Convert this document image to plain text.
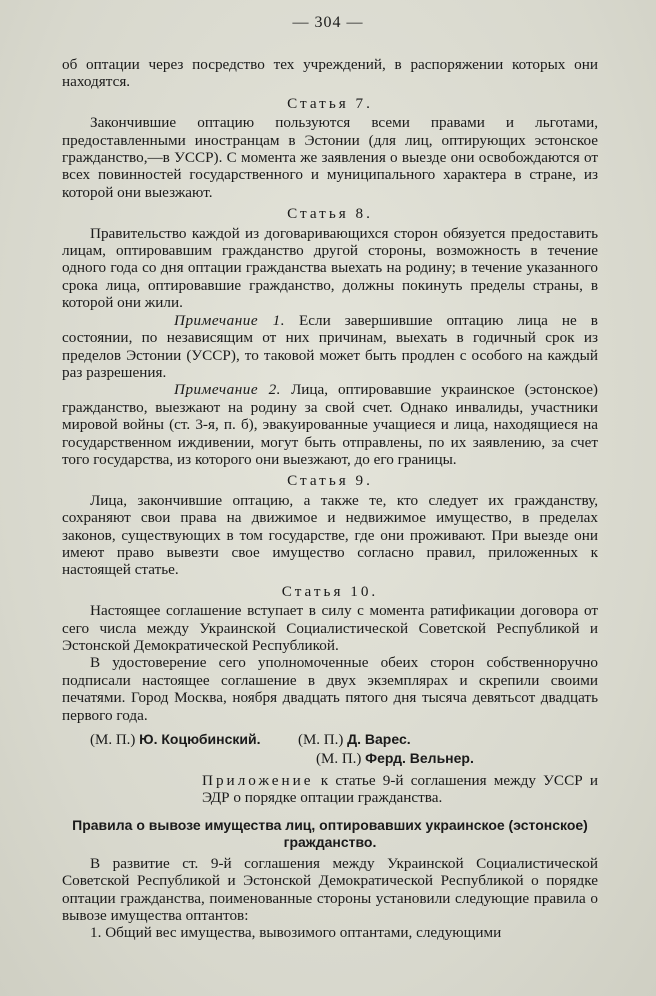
— 304 —

об оптации через посредство тех учреждений, в распоряжении которых они находятся.

Статья 7.

Закончившие оптацию пользуются всеми правами и льготами, предоставленными иностранцам в Эстонии (для лиц, оптирующих эстонское гражданство,—в УССР). С момента же заявления о выезде они освобождаются от всех повинностей государственного и муниципального характера в стране, из которой они выезжают.

Статья 8.

Правительство каждой из договаривающихся сторон обязуется предоставить лицам, оптировавшим гражданство другой стороны, возможность в течение одного года со дня оптации гражданства выехать на родину; в течение указанного срока лица, оптировавшие гражданство, должны покинуть пределы страны, в которой они жили.

Примечание 1. Если завершившие оптацию лица не в состоянии, по независящим от них причинам, выехать в годичный срок из пределов Эстонии (УССР), то таковой может быть продлен с особого на каждый раз разрешения.

Примечание 2. Лица, оптировавшие украинское (эстонское) гражданство, выезжают на родину за свой счет. Однако инвалиды, участники мировой войны (ст. 3-я, п. б), эвакуированные учащиеся и лица, находящиеся на государственном иждивении, могут быть отправлены, по их заявлению, за счет того государства, из которого они выезжают, до его границы.

Статья 9.

Лица, закончившие оптацию, а также те, кто следует их гражданству, сохраняют свои права на движимое и недвижимое имущество, в пределах законов, существующих в том государстве, где они проживают. При выезде они имеют право вывезти свое имущество согласно правил, приложенных к настоящей статье.

Статья 10.

Настоящее соглашение вступает в силу с момента ратификации договора от сего числа между Украинской Социалистической Советской Республикой и Эстонской Демократической Республикой.

В удостоверение сего уполномоченные обеих сторон собственноручно подписали настоящее соглашение в двух экземплярах и скрепили своими печатями. Город Москва, ноября двадцать пятого дня тысяча девятьсот двадцать первого года.

(М. П.) Ю. Коцюбинский.	(М. П.) Д. Варес.
(М. П.) Ферд. Вельнер.

Приложение к статье 9-й соглашения между УССР и ЭДР о порядке оптации гражданства.

Правила о вывозе имущества лиц, оптировавших украинское (эстонское) гражданство.

В развитие ст. 9-й соглашения между Украинской Социалистической Советской Республикой и Эстонской Демократической Республикой о порядке оптации гражданства, поименованные стороны установили следующие правила о вывозе имущества оптантов:

1. Общий вес имущества, вывозимого оптантами, следующими
